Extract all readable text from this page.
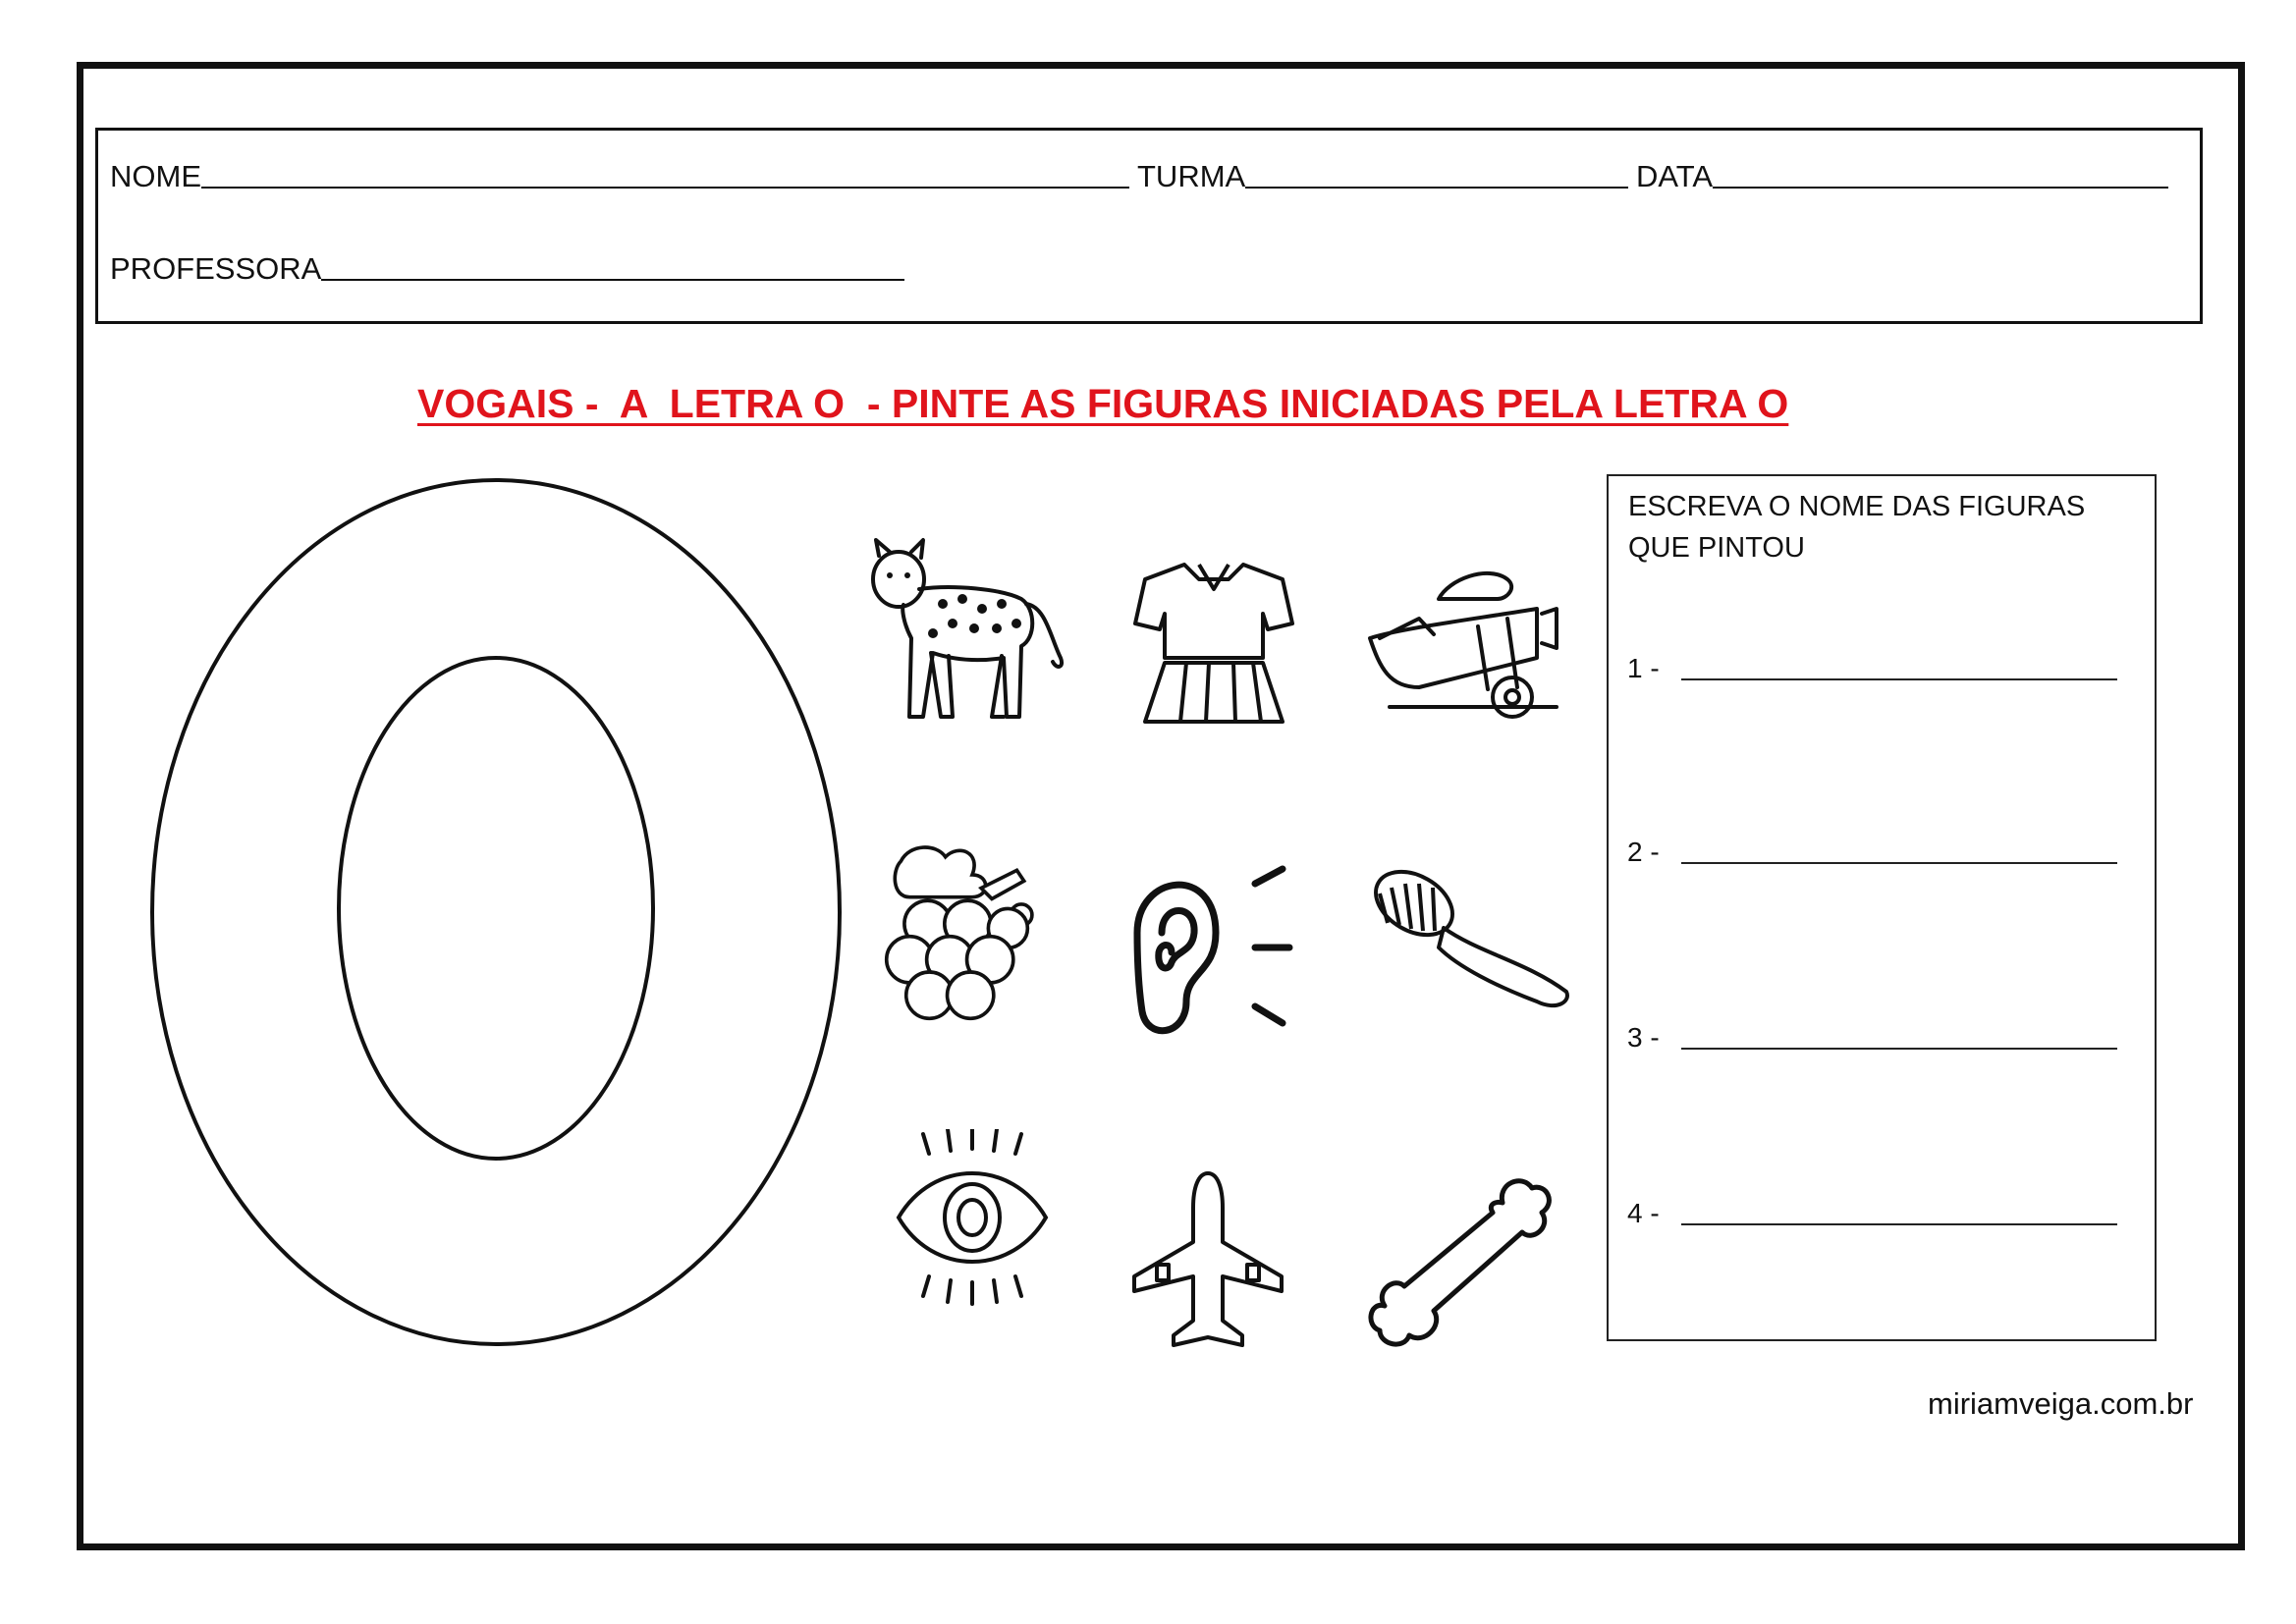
NOME	TURMA	DATA
PROFESSORA
VOGAIS -  A  LETRA O  - PINTE AS FIGURAS INICIADAS PELA LETRA O
ESCREVA O NOME DAS FIGURAS QUE PINTOU
1 -
2 -
3 -
4 -
miriamveiga.com.br
